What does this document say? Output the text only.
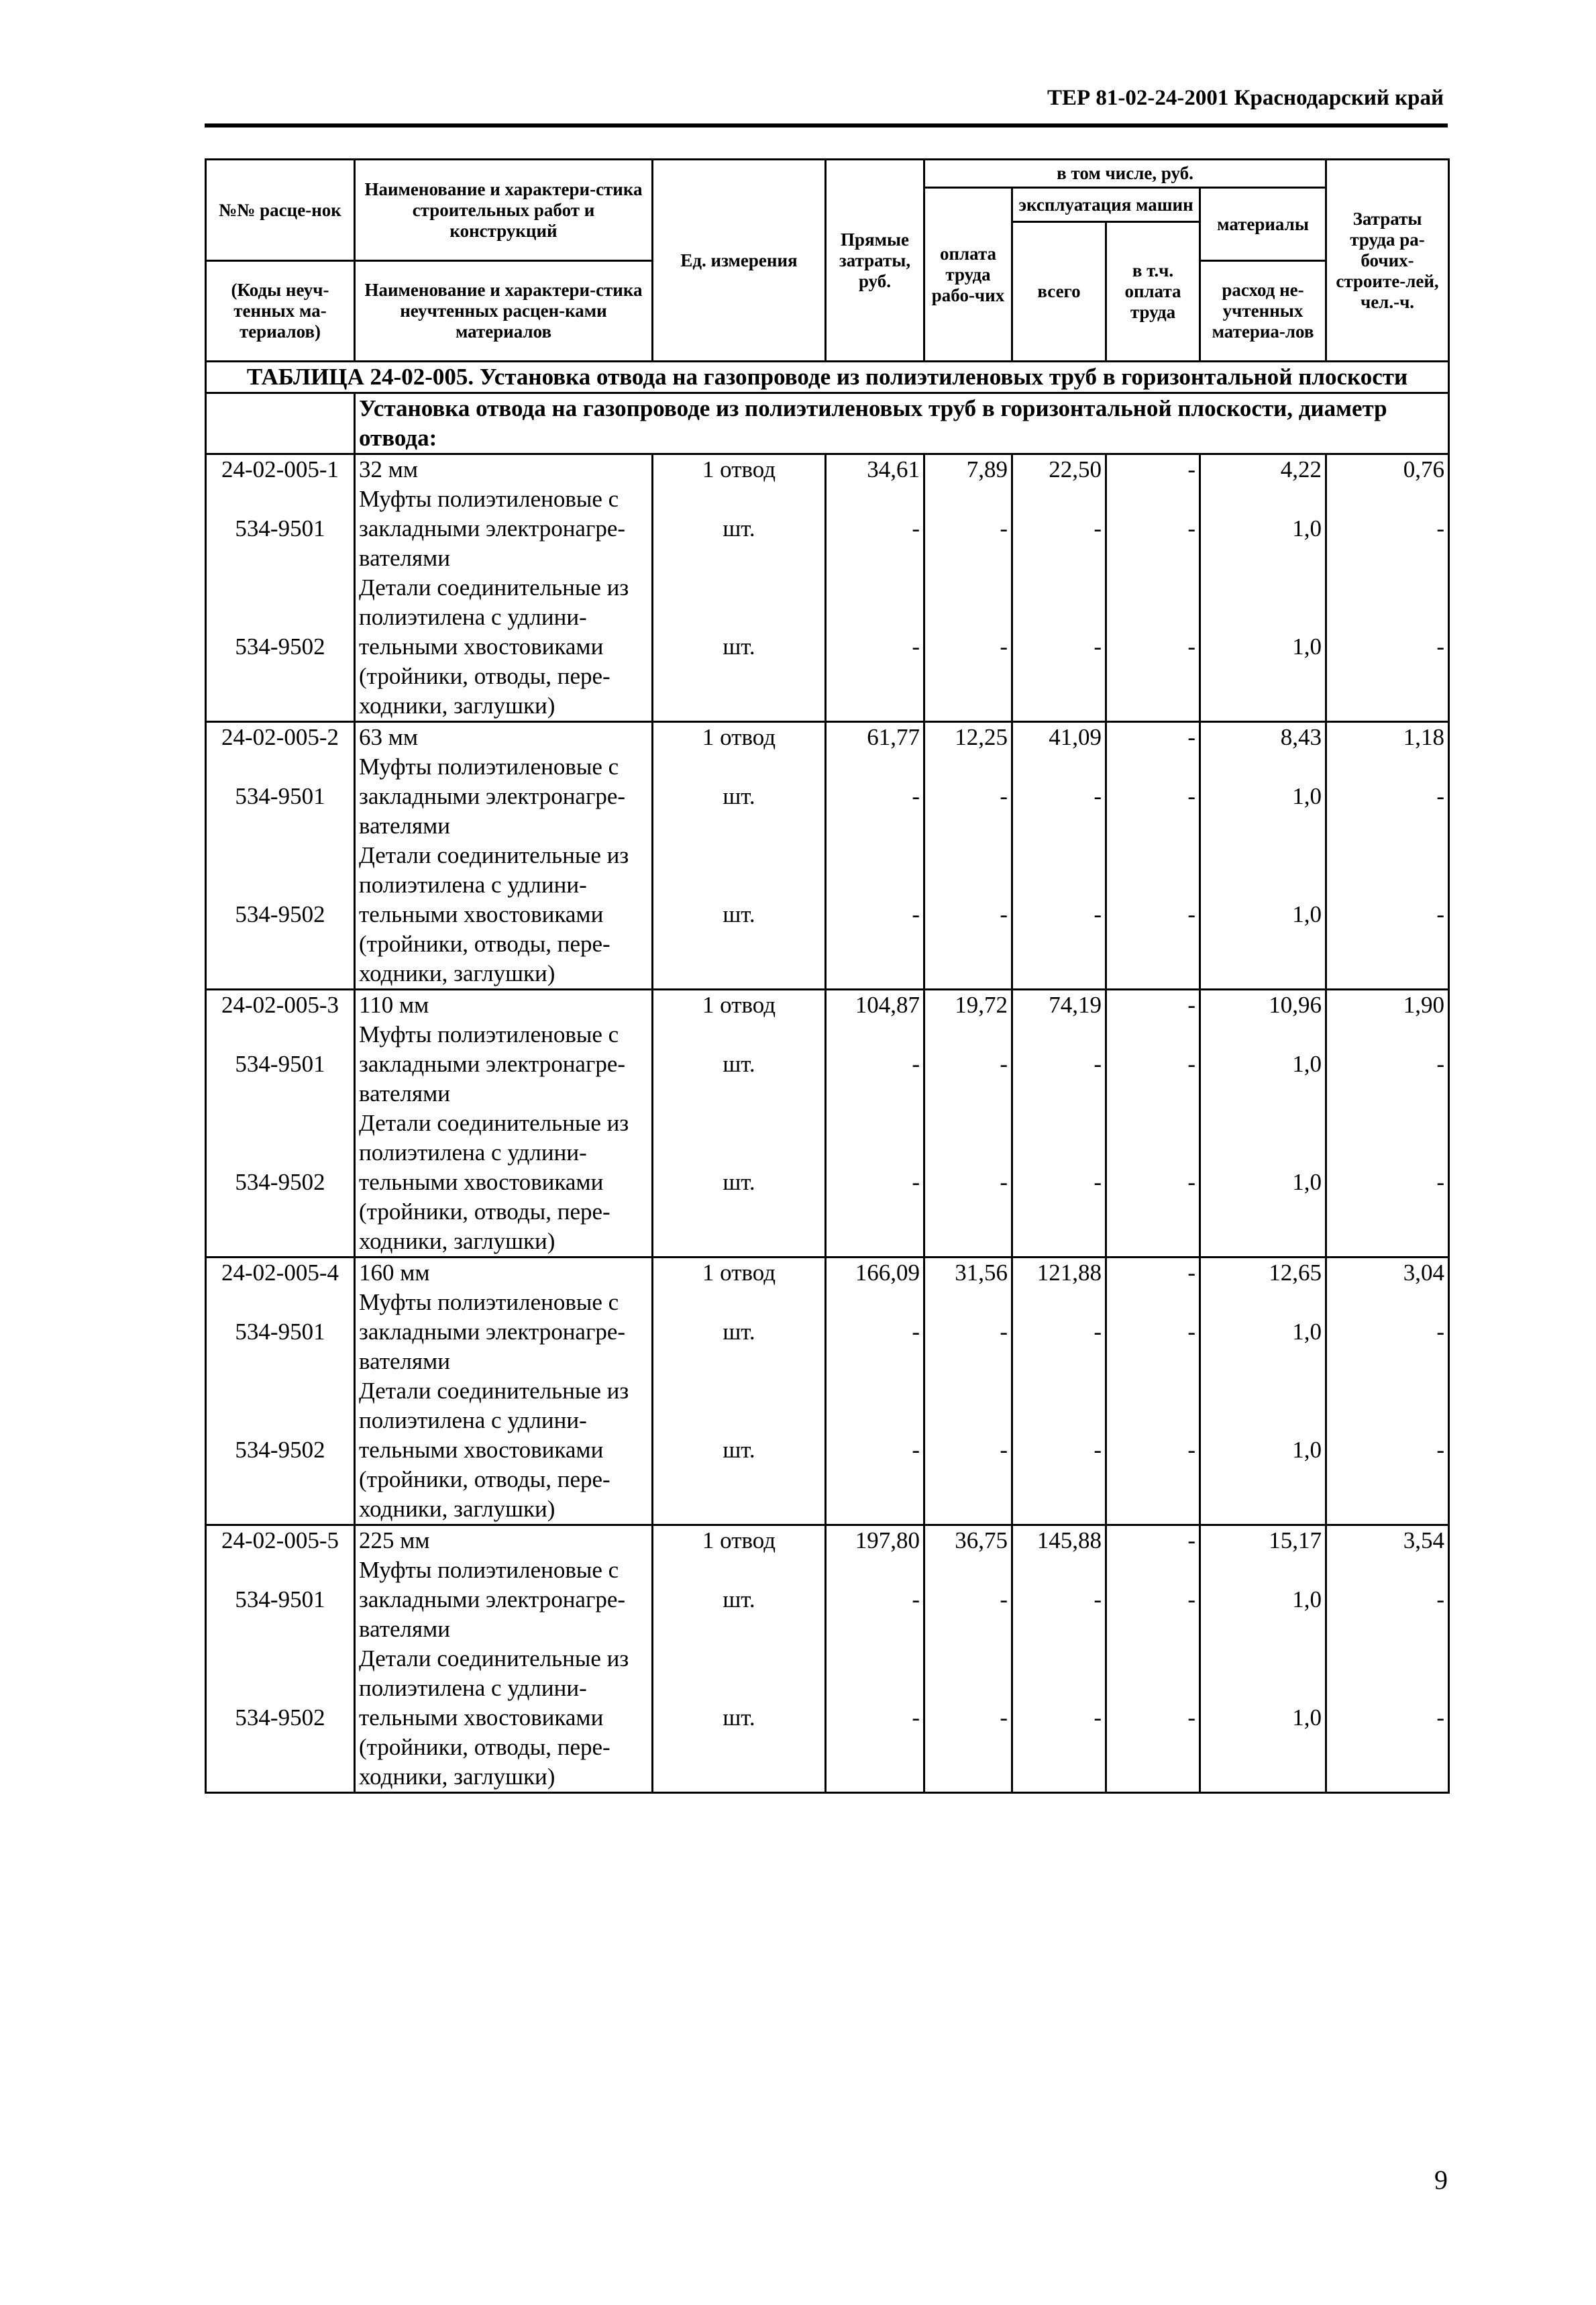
ТЕР 81-02-24-2001 Краснодарский край
№№ расце-нок	Наименование и характери-стика строительных работ и конструкций	Ед. измерения	Прямые затраты, руб.	в том числе, руб.				Затраты труда ра-бочих-строите-лей, чел.-ч.
				оплата труда рабо-чих	эксплуатация машин		материалы	
					всего	в т.ч. оплата труда		
(Коды неуч-тенных ма-териалов)	Наименование и характери-стика неучтенных расцен-ками материалов						расход не-учтенных материа-лов	

ТАБЛИЦА 24-02-005. Установка отвода на газопроводе из полиэтиленовых труб в горизонтальной плоскости								
	Установка отвода на газопроводе из полиэтиленовых труб в горизонтальной плоскости, диаметр отвода:							
24-02-005-1	32 мм	1 отвод	34,61	7,89	22,50	-	4,22	0,76
534-9501	Муфты полиэтиленовые с закладными электронагре-вателями	шт.	-	-	-	-	1,0	-
534-9502	Детали соединительные из полиэтилена с удлини-тельными хвостовиками (тройники, отводы, пере-ходники, заглушки)	шт.	-	-	-	-	1,0	-
24-02-005-2	63 мм	1 отвод	61,77	12,25	41,09	-	8,43	1,18
534-9501	Муфты полиэтиленовые с закладными электронагре-вателями	шт.	-	-	-	-	1,0	-
534-9502	Детали соединительные из полиэтилена с удлини-тельными хвостовиками (тройники, отводы, пере-ходники, заглушки)	шт.	-	-	-	-	1,0	-
24-02-005-3	110 мм	1 отвод	104,87	19,72	74,19	-	10,96	1,90
534-9501	Муфты полиэтиленовые с закладными электронагре-вателями	шт.	-	-	-	-	1,0	-
534-9502	Детали соединительные из полиэтилена с удлини-тельными хвостовиками (тройники, отводы, пере-ходники, заглушки)	шт.	-	-	-	-	1,0	-
24-02-005-4	160 мм	1 отвод	166,09	31,56	121,88	-	12,65	3,04
534-9501	Муфты полиэтиленовые с закладными электронагре-вателями	шт.	-	-	-	-	1,0	-
534-9502	Детали соединительные из полиэтилена с удлини-тельными хвостовиками (тройники, отводы, пере-ходники, заглушки)	шт.	-	-	-	-	1,0	-
24-02-005-5	225 мм	1 отвод	197,80	36,75	145,88	-	15,17	3,54
534-9501	Муфты полиэтиленовые с закладными электронагре-вателями	шт.	-	-	-	-	1,0	-
534-9502	Детали соединительные из полиэтилена с удлини-тельными хвостовиками (тройники, отводы, пере-ходники, заглушки)	шт.	-	-	-	-	1,0	-
9
